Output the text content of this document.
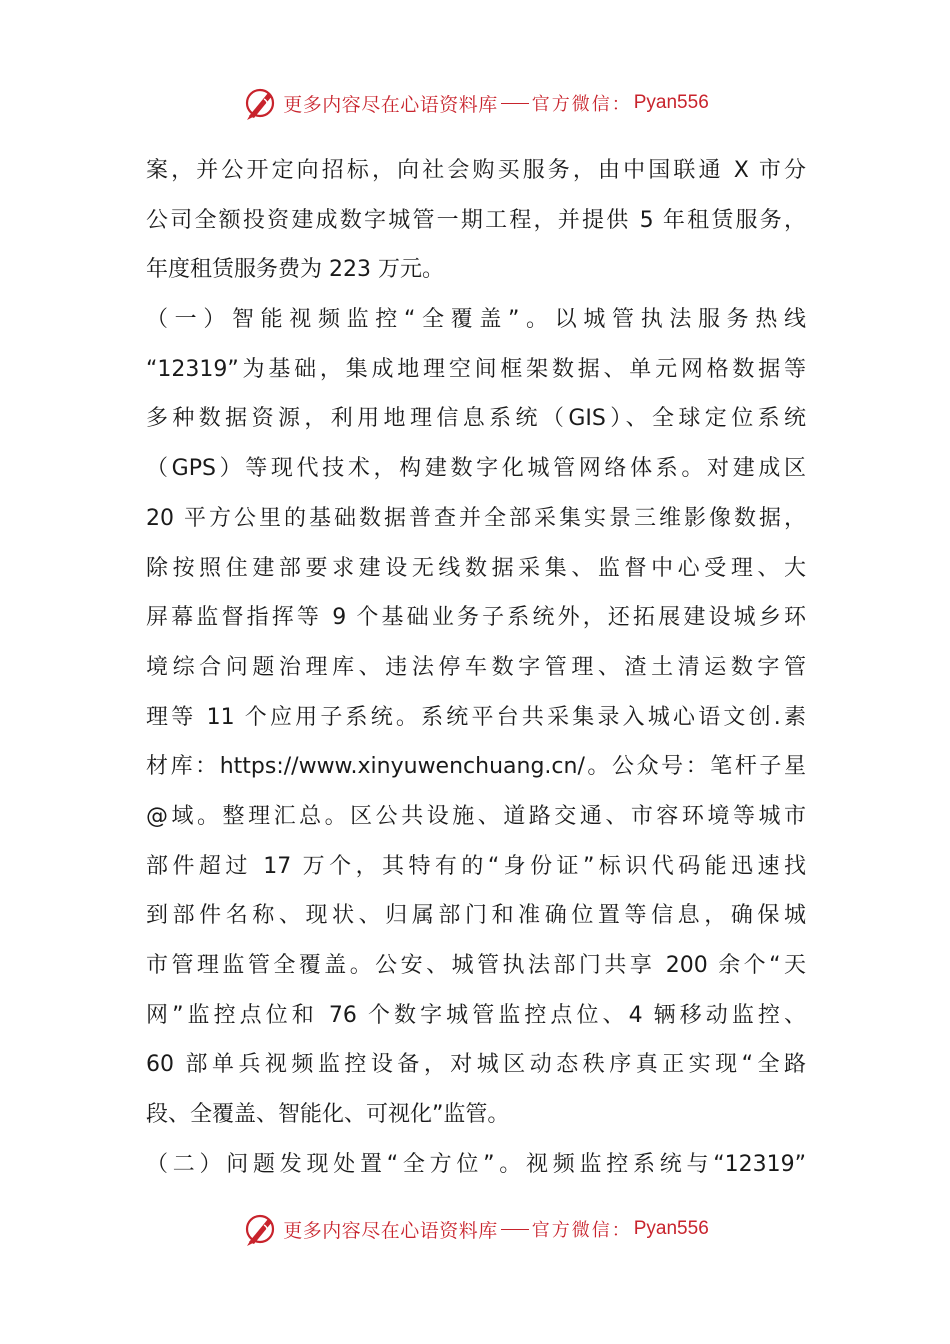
更多内容尽在心语资料库 官方微信： Pyan556
案，并公开定向招标，向社会购买服务，由中国联通 X 市分
公司全额投资建成数字城管一期工程，并提供 5 年租赁服务，
年度租赁服务费为 223 万元。
（一）智能视频监控“全覆盖”。以城管执法服务热线
“12319”为基础，集成地理空间框架数据、单元网格数据等
多种数据资源，利用地理信息系统（GIS）、全球定位系统
（GPS）等现代技术，构建数字化城管网络体系。对建成区
20 平方公里的基础数据普查并全部采集实景三维影像数据，
除按照住建部要求建设无线数据采集、监督中心受理、大
屏幕监督指挥等 9 个基础业务子系统外，还拓展建设城乡环
境综合问题治理库、违法停车数字管理、渣土清运数字管
理等 11 个应用子系统。系统平台共采集录入城心语文创.素
材库：https://www.xinyuwenchuang.cn/。公众号：笔杆子星
@域。整理汇总。区公共设施、道路交通、市容环境等城市
部件超过 17 万个，其特有的“身份证”标识代码能迅速找
到部件名称、现状、归属部门和准确位置等信息，确保城
市管理监管全覆盖。公安、城管执法部门共享 200 余个“天
网”监控点位和 76 个数字城管监控点位、4 辆移动监控、
60 部单兵视频监控设备，对城区动态秩序真正实现“全路
段、全覆盖、智能化、可视化”监管。
（二）问题发现处置“全方位”。视频监控系统与“12319”
更多内容尽在心语资料库 官方微信： Pyan556
